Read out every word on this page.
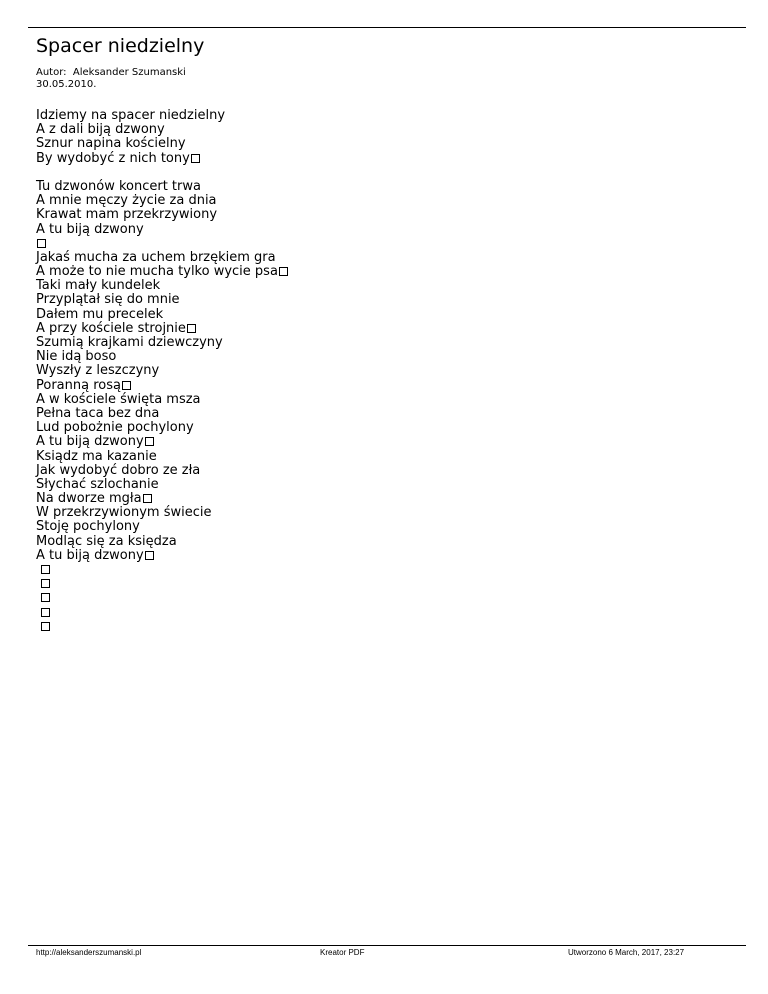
Spacer niedzielny
Autor:  Aleksander Szumanski
30.05.2010.
Idziemy na spacer niedzielny
A z dali biją dzwony
Sznur napina kościelny
By wydobyć z nich tony
Tu dzwonów koncert trwa
A mnie męczy życie za dnia
Krawat mam przekrzywiony
A tu biją dzwony
Jakaś mucha za uchem brzękiem gra
A może to nie mucha tylko wycie psa
Taki mały kundelek
Przyplątał się do mnie
Dałem mu precelek
A przy kościele strojnie
Szumią krajkami dziewczyny
Nie idą boso
Wyszły z leszczyny
Poranną rosą
A w kościele święta msza
Pełna taca bez dna
Lud pobożnie pochylony
A tu biją dzwony
Ksiądz ma kazanie
Jak wydobyć dobro ze zła
Słychać szlochanie
Na dworze mgła
W przekrzywionym świecie
Stoję pochylony
Modląc się za księdza
A tu biją dzwony

http://aleksanderszumanski.pl	Kreator PDF	Utworzono 6 March, 2017, 23:27
